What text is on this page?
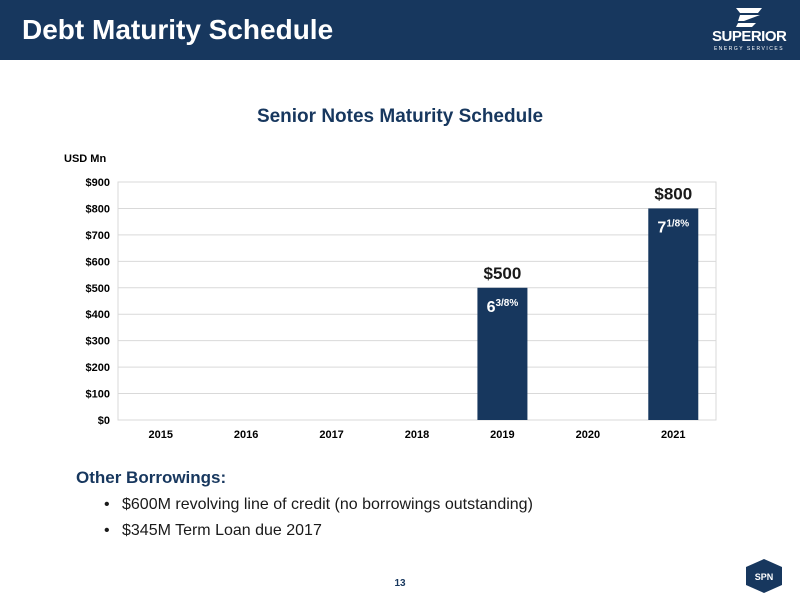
Debt Maturity Schedule	SUPERIOR
ENERGY SERVICES
Senior Notes Maturity Schedule
USD Mn
$0
$100
$200
$300
$400
$500
$600
$700
$800
$900
2015	2016	2017	2018	2019
$500
$6^{3/8\%}$
2020	2021
$800
$7^{1/8\%}$
Other Borrowings:
• $600M revolving line of credit (no borrowings outstanding)
• $345M Term Loan due 2017
13
SPN
